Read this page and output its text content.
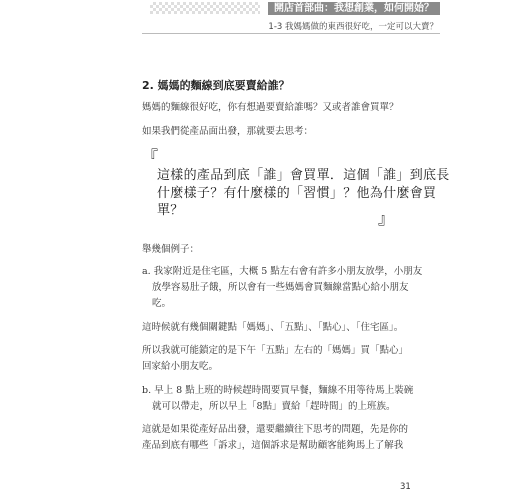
開店首部曲：我想創業，如何開始？
1-3 我媽媽做的東西很好吃，一定可以大賣？
2. 媽媽的麵線到底要賣給誰？
媽媽的麵線很好吃，你有想過要賣給誰嗎？又或者誰會買單？
如果我們從產品面出發，那就要去思考：
『
這樣的產品到底「誰」會買單．這個「誰」到底長
什麼樣子？有什麼樣的「習慣」？他為什麼會買
單？	』
舉幾個例子：
a. 我家附近是住宅區，大概 5 點左右會有許多小朋友放學，小朋友
放學容易肚子餓，所以會有一些媽媽會買麵線當點心給小朋友
吃。
這時候就有幾個關鍵點「媽媽」、「五點」、「點心」、「住宅區」。
所以我就可能鎖定的是下午「五點」左右的「媽媽」買「點心」
回家給小朋友吃。
b. 早上 8 點上班的時候趕時間要買早餐，麵線不用等待馬上裝碗
就可以帶走，所以早上「8點」賣給「趕時間」的上班族。
這就是如果從產好品出發，還要繼續往下思考的問題，先是你的
產品到底有哪些「訴求」，這個訴求是幫助顧客能夠馬上了解我
31
